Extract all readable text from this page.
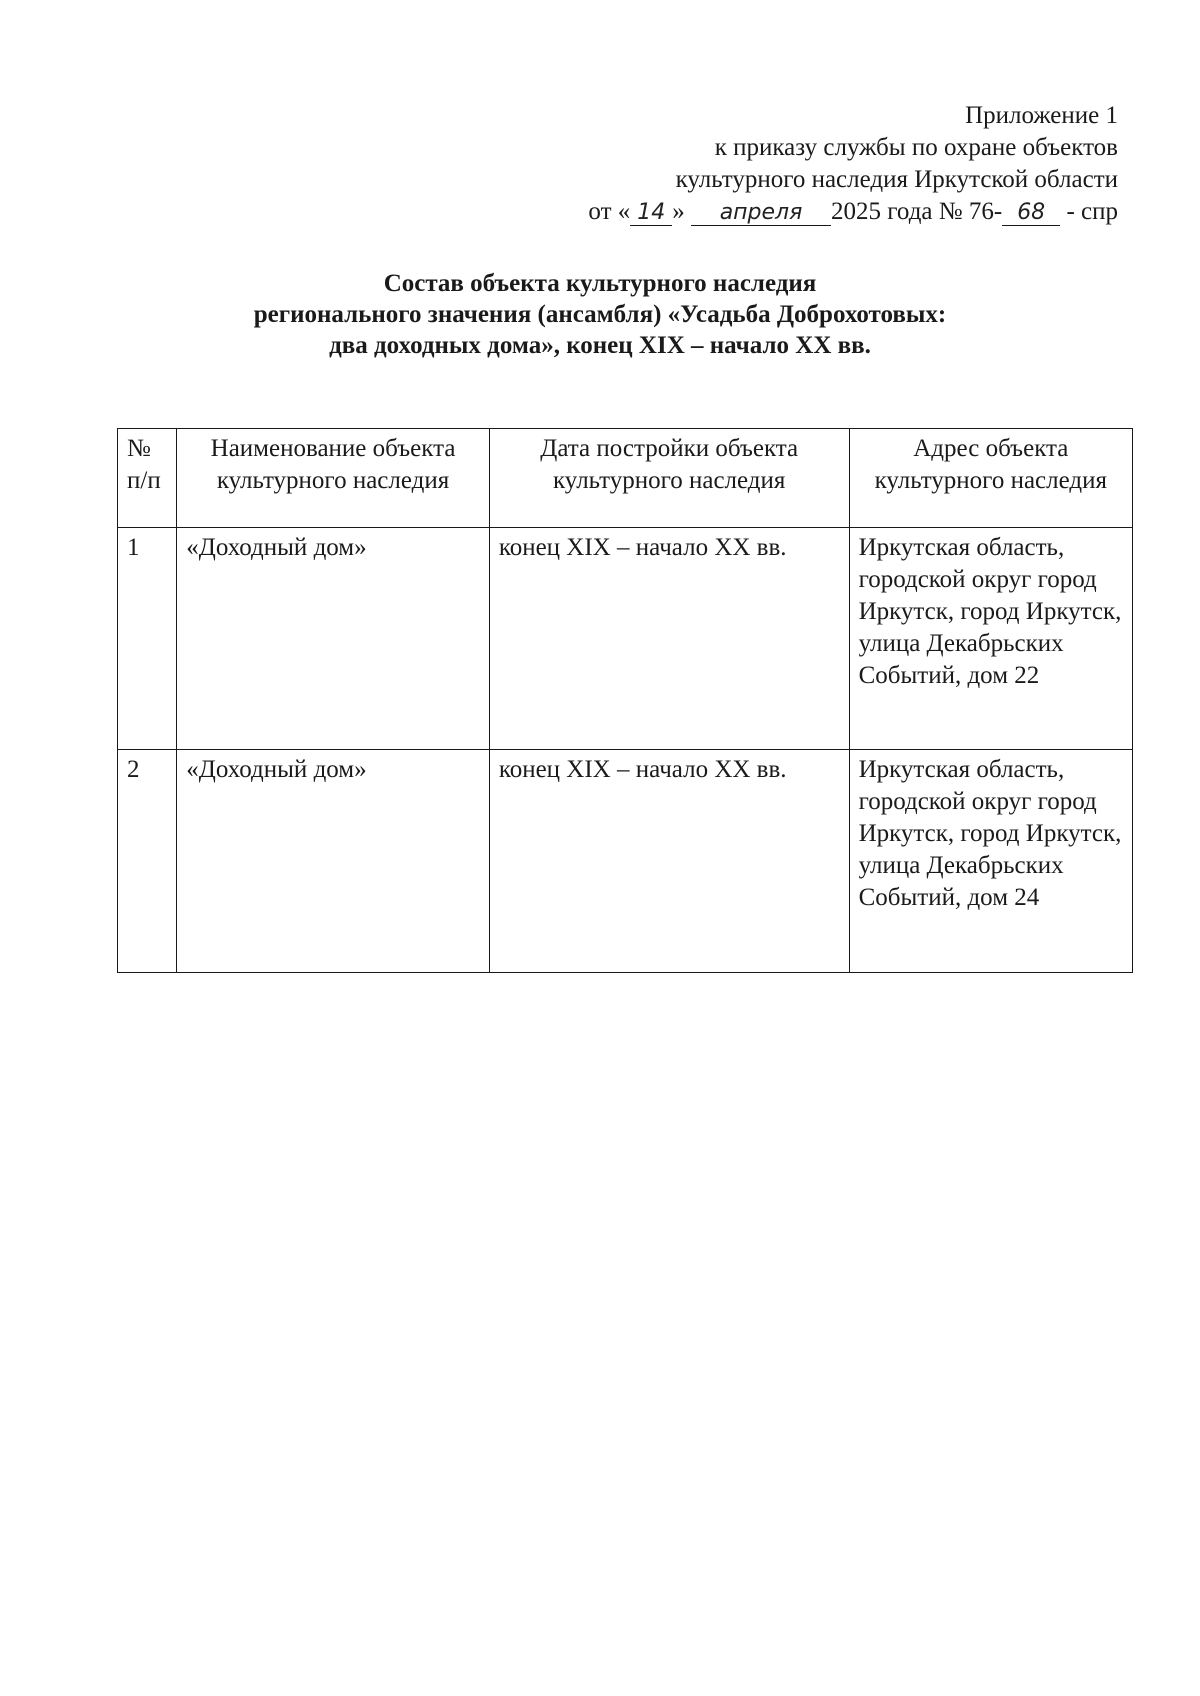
Приложение 1
к приказу службы по охране объектов
культурного наследия Иркутской области
от « 14 » апреля 2025 года № 76- 68 - спр
Состав объекта культурного наследия
регионального значения (ансамбля) «Усадьба Доброхотовых:
два доходных дома», конец XIX – начало XX вв.
№ п/п	Наименование объекта культурного наследия	Дата постройки объекта культурного наследия	Адрес объекта культурного наследия
1	«Доходный дом»	конец XIX – начало XX вв.	Иркутская область, городской округ город Иркутск, город Иркутск, улица Декабрьских Событий, дом 22
2	«Доходный дом»	конец XIX – начало XX вв.	Иркутская область, городской округ город Иркутск, город Иркутск, улица Декабрьских Событий, дом 24
